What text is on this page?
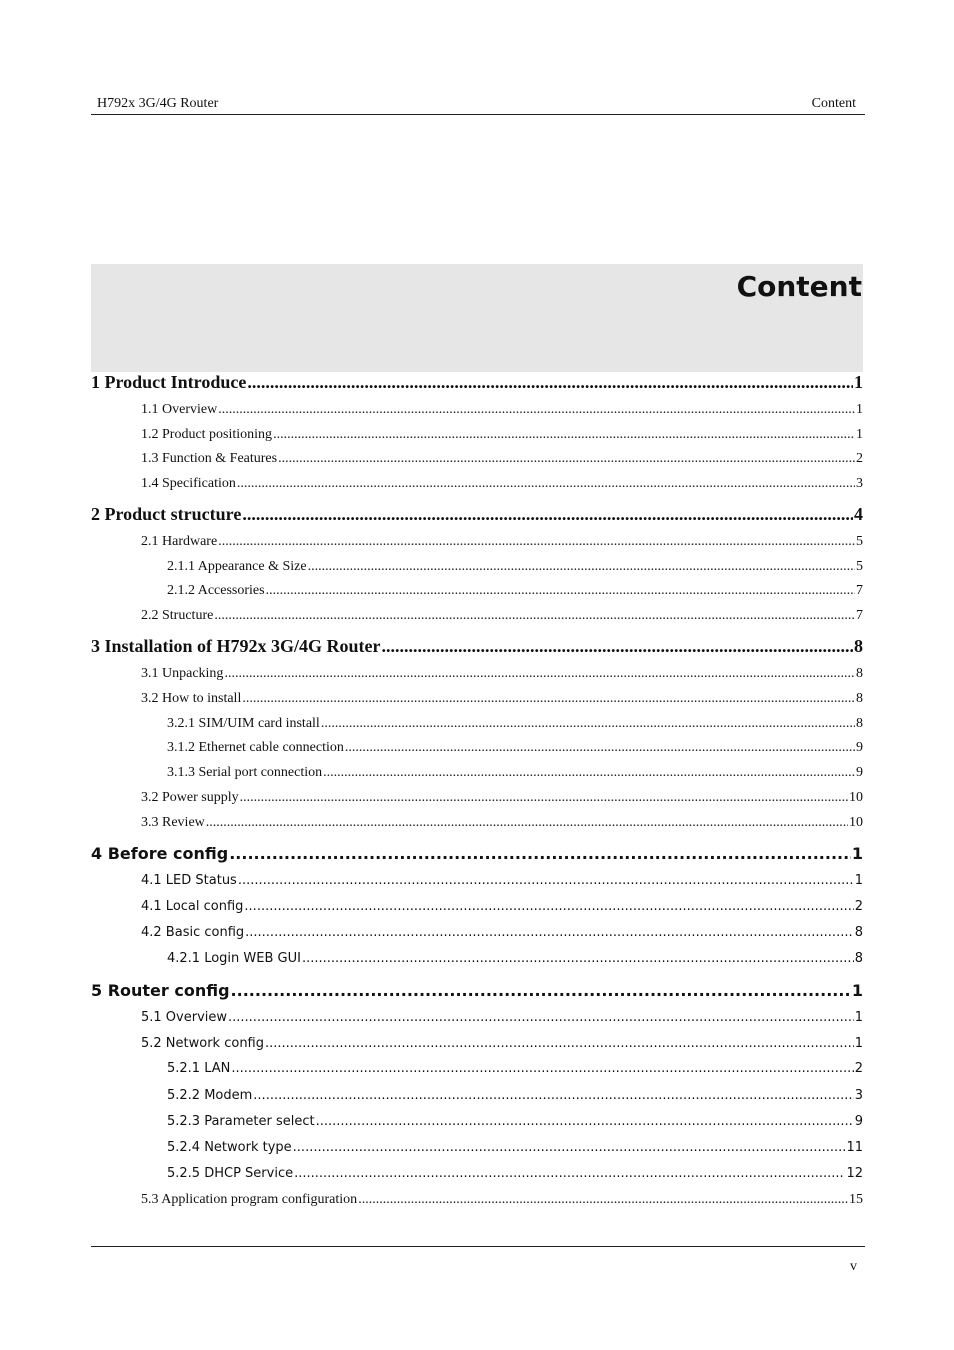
H792x 3G/4G Router	Content
Content
1 Product Introduce .....	1
1.1 Overview .....	1
1.2 Product positioning .....	1
1.3 Function & Features .....	2
1.4 Specification .....	3
2 Product structure .....	4
2.1 Hardware .....	5
2.1.1 Appearance & Size .....	5
2.1.2 Accessories .....	7
2.2 Structure .....	7
3 Installation of H792x 3G/4G Router .....	8
3.1 Unpacking .....	8
3.2 How to install .....	8
3.2.1 SIM/UIM card install .....	8
3.1.2 Ethernet cable connection .....	9
3.1.3 Serial port connection .....	9
3.2 Power supply .....	10
3.3 Review .....	10
4 Before config .....	1
4.1 LED Status .....	1
4.1 Local config .....	2
4.2 Basic config .....	8
4.2.1 Login WEB GUI .....	8
5 Router config .....	1
5.1 Overview .....	1
5.2 Network config .....	1
5.2.1 LAN .....	2
5.2.2 Modem .....	3
5.2.3 Parameter select .....	9
5.2.4 Network type .....	11
5.2.5 DHCP Service .....	12
5.3 Application program configuration .....	15
v
